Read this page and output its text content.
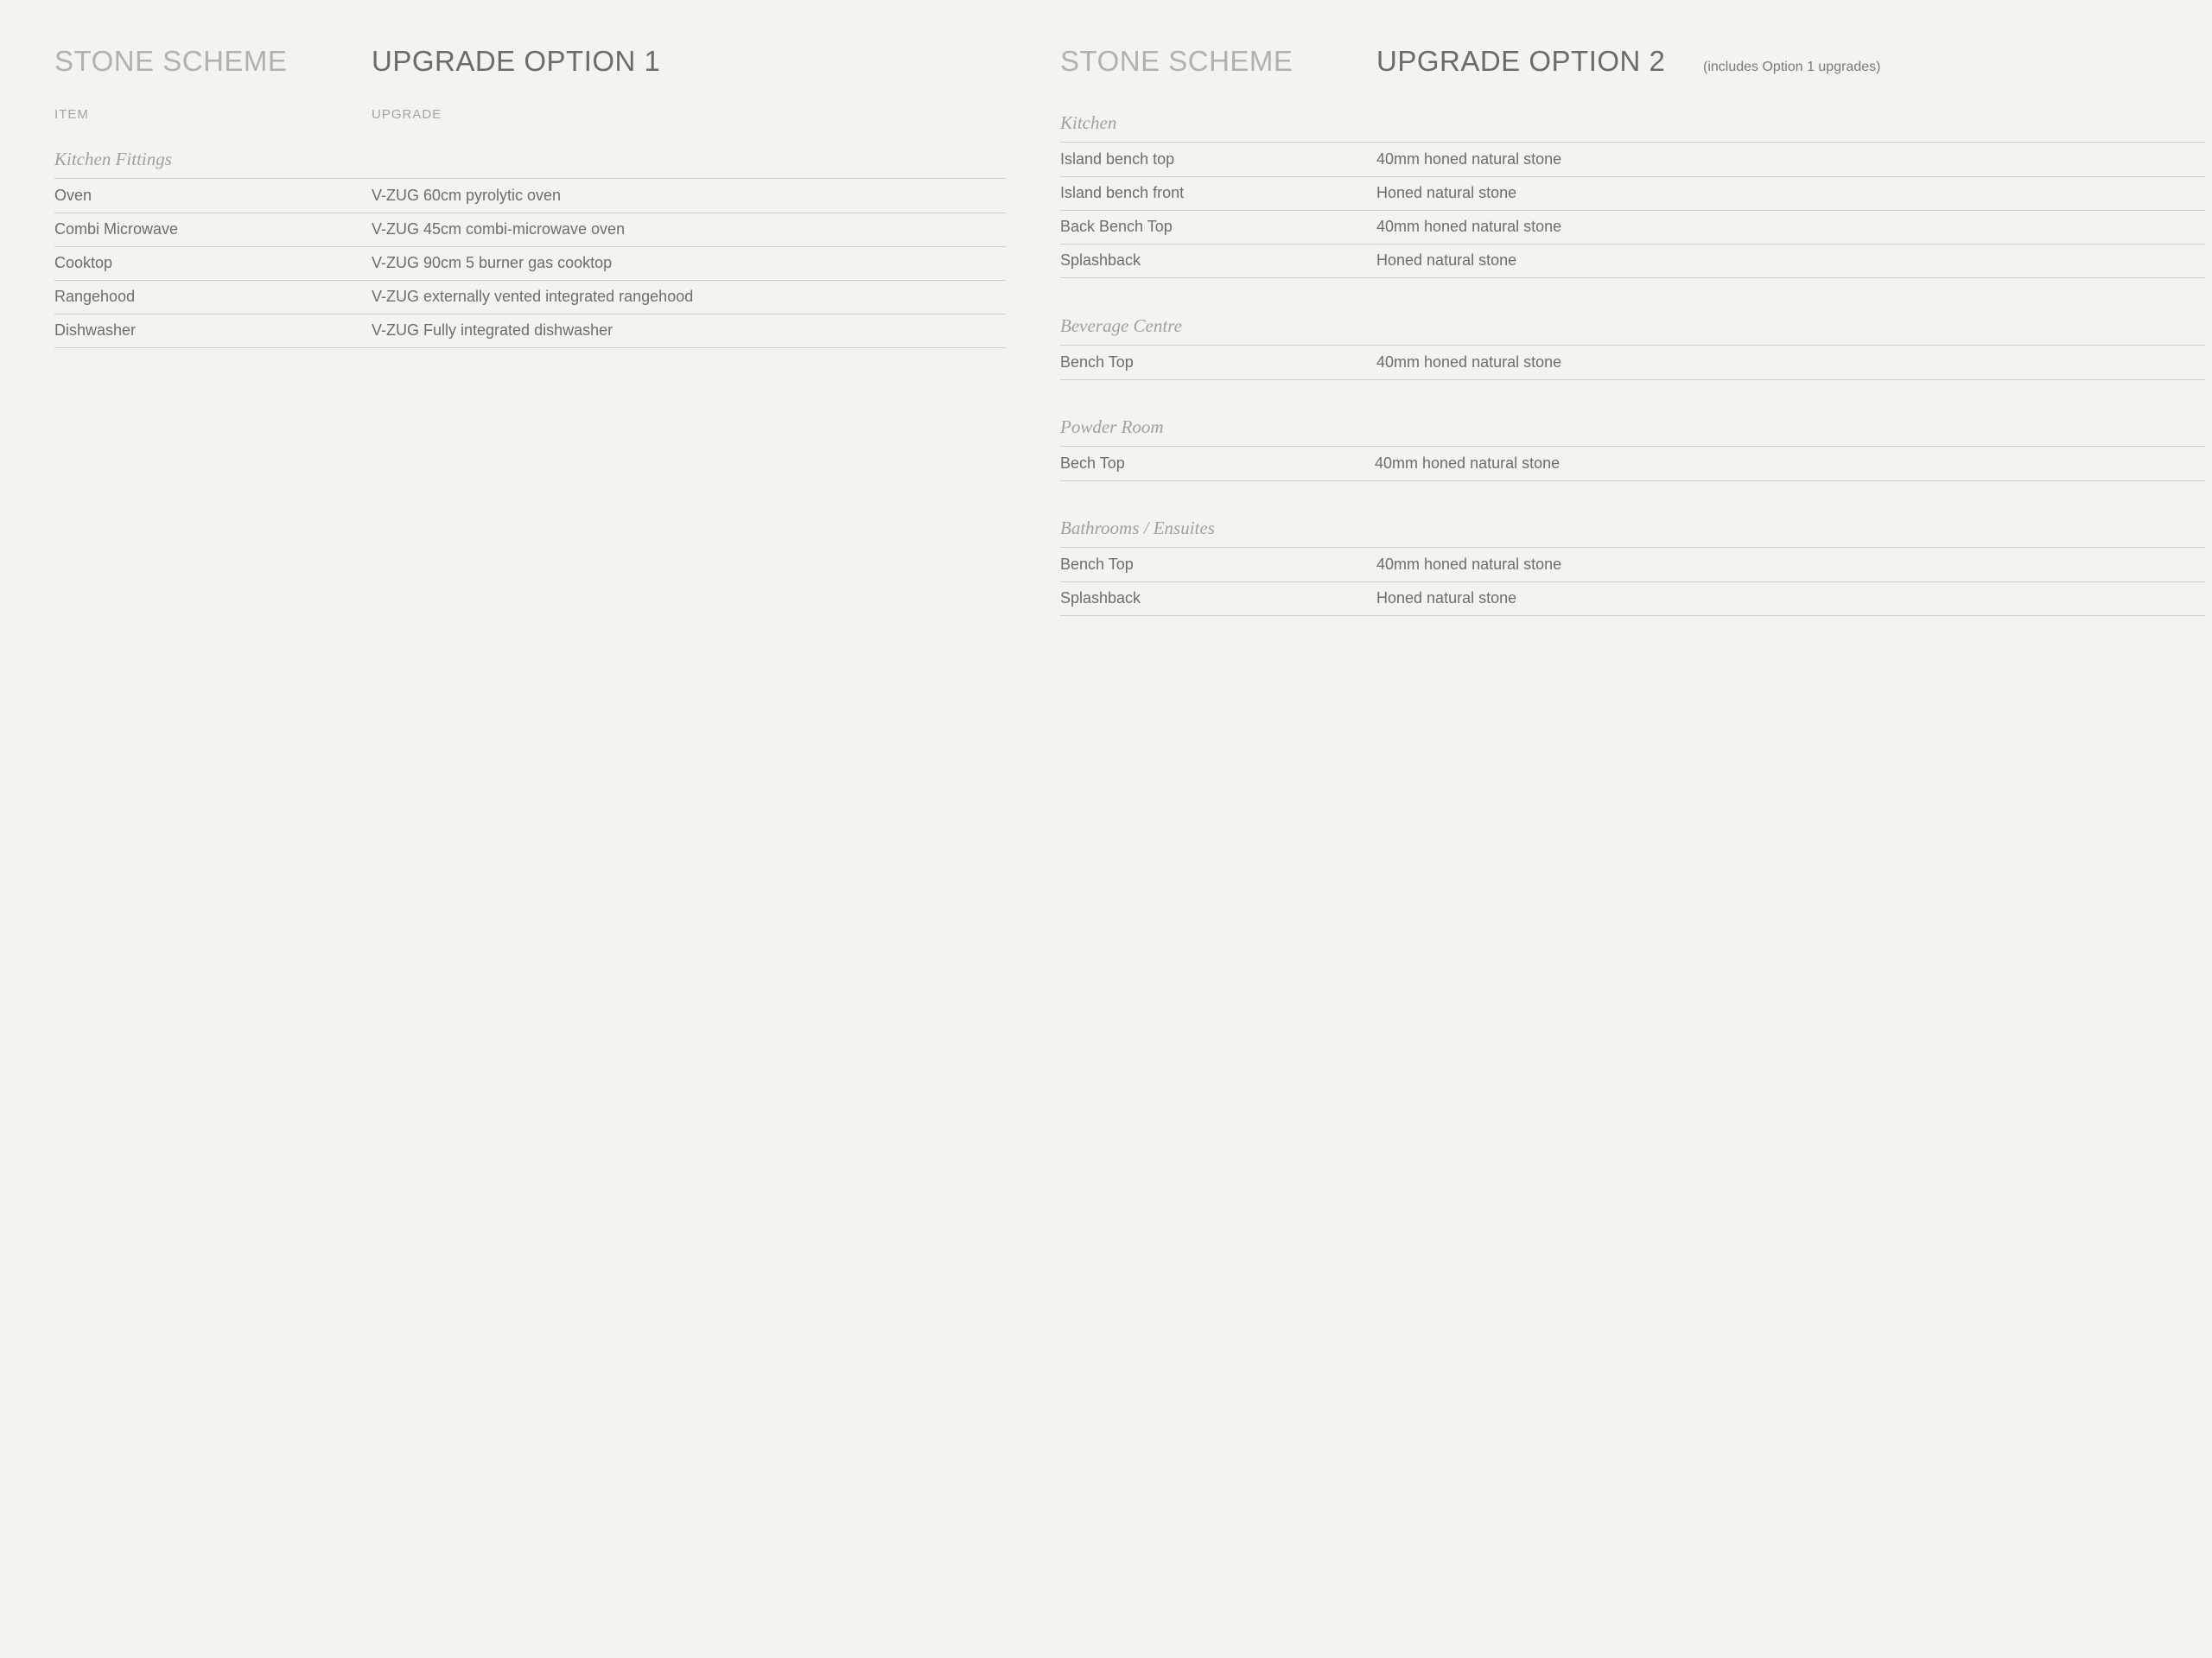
STONE SCHEME	UPGRADE OPTION 1
ITEM	UPGRADE
Kitchen Fittings
Oven	V-ZUG 60cm pyrolytic oven
Combi Microwave	V-ZUG 45cm combi-microwave oven
Cooktop	V-ZUG 90cm 5 burner gas cooktop
Rangehood	V-ZUG externally vented integrated rangehood
Dishwasher	V-ZUG Fully integrated dishwasher
STONE SCHEME	UPGRADE OPTION 2	(includes Option 1 upgrades)
Kitchen
Island bench top	40mm honed natural stone
Island bench front	Honed natural stone
Back Bench Top	40mm honed natural stone
Splashback	Honed natural stone
Beverage Centre
Bench Top	40mm honed natural stone
Powder Room
Bech Top	40mm honed natural stone
Bathrooms / Ensuites
Bench Top	40mm honed natural stone
Splashback	Honed natural stone
